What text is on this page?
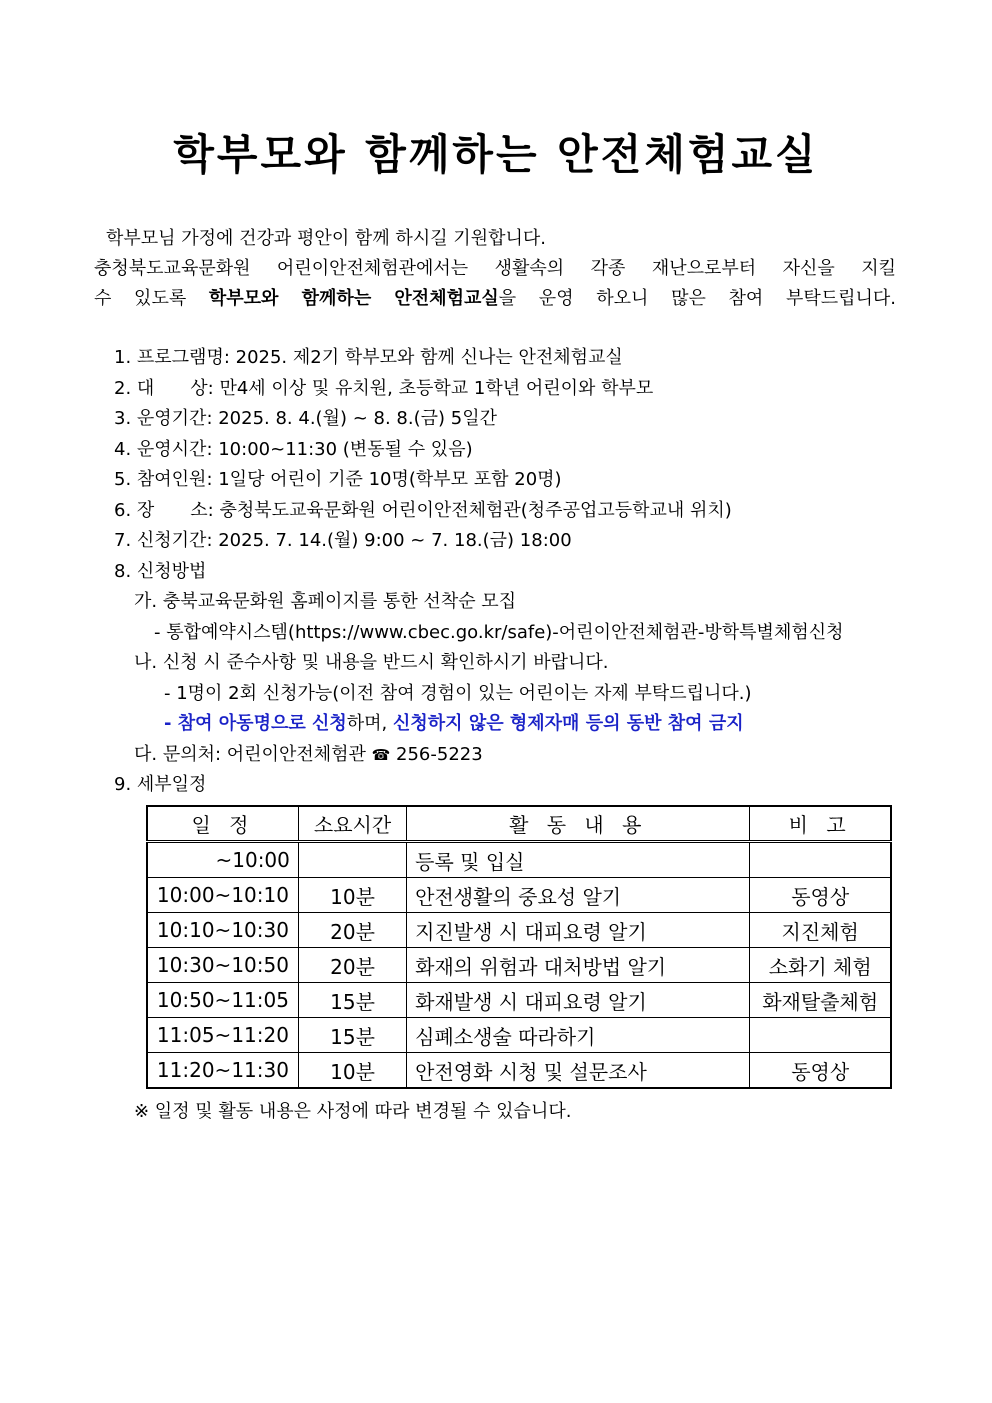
학부모와 함께하는 안전체험교실

학부모님 가정에 건강과 평안이 함께 하시길 기원합니다.

충청북도교육문화원 어린이안전체험관에서는 생활속의 각종 재난으로부터 자신을 지킬

수 있도록 학부모와 함께하는 안전체험교실을 운영 하오니 많은 참여 부탁드립니다.

1. 프로그램명: 2025. 제2기 학부모와 함께 신나는 안전체험교실
2. 대　　상: 만4세 이상 및 유치원, 초등학교 1학년 어린이와 학부모
3. 운영기간: 2025. 8. 4.(월) ~ 8. 8.(금) 5일간
4. 운영시간: 10:00~11:30 (변동될 수 있음)
5. 참여인원: 1일당 어린이 기준 10명(학부모 포함 20명)
6. 장　　소: 충청북도교육문화원 어린이안전체험관(청주공업고등학교내 위치)
7. 신청기간: 2025. 7. 14.(월) 9:00 ~ 7. 18.(금) 18:00
8. 신청방법
가. 충북교육문화원 홈페이지를 통한 선착순 모집
- 통합예약시스템(https://www.cbec.go.kr/safe)-어린이안전체험관-방학특별체험신청
나. 신청 시 준수사항 및 내용을 반드시 확인하시기 바랍니다.
- 1명이 2회 신청가능(이전 참여 경험이 있는 어린이는 자제 부탁드립니다.)
- 참여 아동명으로 신청하며, 신청하지 않은 형제자매 등의 동반 참여 금지
다. 문의처: 어린이안전체험관 ☎ 256-5223
9. 세부일정
일 정	소요시간	활 동 내 용	비 고
~10:00		등록 및 입실	
10:00~10:10	10분	안전생활의 중요성 알기	동영상
10:10~10:30	20분	지진발생 시 대피요령 알기	지진체험
10:30~10:50	20분	화재의 위험과 대처방법 알기	소화기 체험
10:50~11:05	15분	화재발생 시 대피요령 알기	화재탈출체험
11:05~11:20	15분	심폐소생술 따라하기	
11:20~11:30	10분	안전영화 시청 및 설문조사	동영상
※ 일정 및 활동 내용은 사정에 따라 변경될 수 있습니다.
